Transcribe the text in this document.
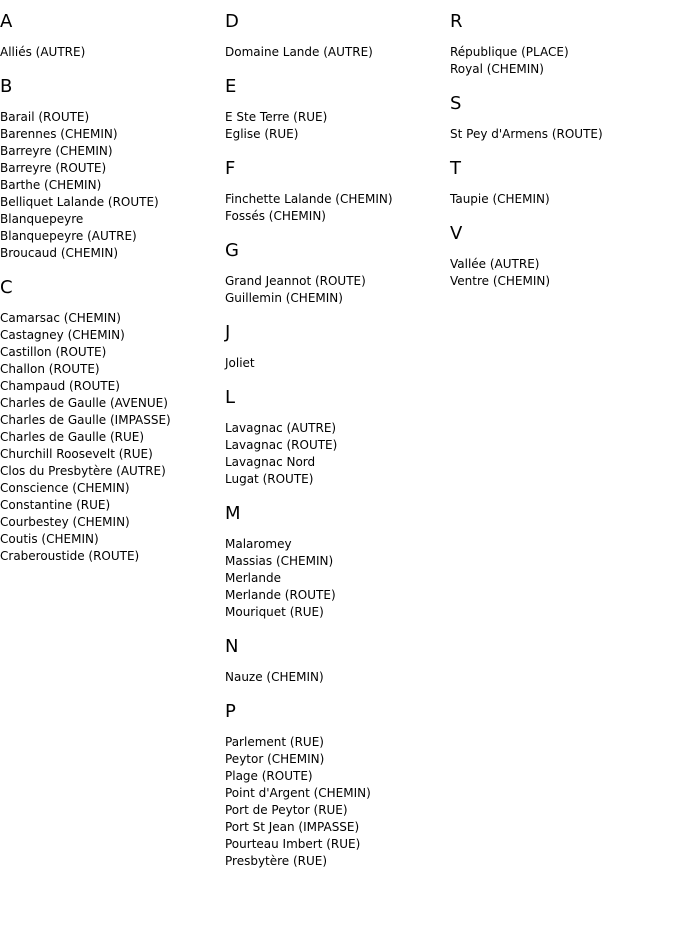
A
Alliés (AUTRE)
B
Barail (ROUTE)
Barennes (CHEMIN)
Barreyre (CHEMIN)
Barreyre (ROUTE)
Barthe (CHEMIN)
Belliquet Lalande (ROUTE)
Blanquepeyre
Blanquepeyre (AUTRE)
Broucaud (CHEMIN)
C
Camarsac (CHEMIN)
Castagney (CHEMIN)
Castillon (ROUTE)
Challon (ROUTE)
Champaud (ROUTE)
Charles de Gaulle (AVENUE)
Charles de Gaulle (IMPASSE)
Charles de Gaulle (RUE)
Churchill Roosevelt (RUE)
Clos du Presbytère (AUTRE)
Conscience (CHEMIN)
Constantine (RUE)
Courbestey (CHEMIN)
Coutis (CHEMIN)
Craberoustide (ROUTE)
D
Domaine Lande (AUTRE)
E
E Ste Terre (RUE)
Eglise (RUE)
F
Finchette Lalande (CHEMIN)
Fossés (CHEMIN)
G
Grand Jeannot (ROUTE)
Guillemin (CHEMIN)
J
Joliet
L
Lavagnac (AUTRE)
Lavagnac (ROUTE)
Lavagnac Nord
Lugat (ROUTE)
M
Malaromey
Massias (CHEMIN)
Merlande
Merlande (ROUTE)
Mouriquet (RUE)
N
Nauze (CHEMIN)
P
Parlement (RUE)
Peytor (CHEMIN)
Plage (ROUTE)
Point d'Argent (CHEMIN)
Port de Peytor (RUE)
Port St Jean (IMPASSE)
Pourteau Imbert (RUE)
Presbytère (RUE)
R
République (PLACE)
Royal (CHEMIN)
S
St Pey d'Armens (ROUTE)
T
Taupie (CHEMIN)
V
Vallée (AUTRE)
Ventre (CHEMIN)
